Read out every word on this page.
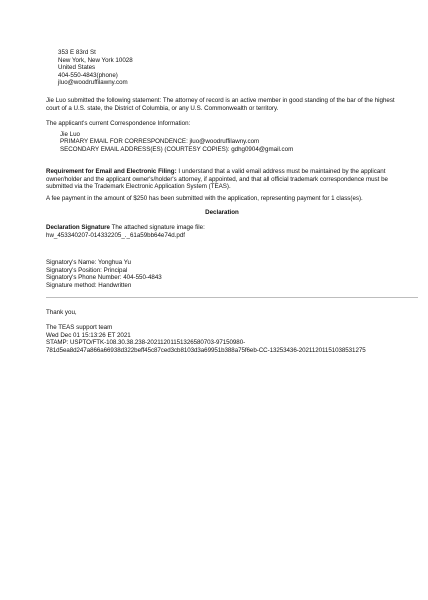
353 E 83rd St
New York, New York 10028
United States
404-550-4843(phone)
jluo@woodruffilawny.com
Jie Luo submitted the following statement: The attorney of record is an active member in good standing of the bar of the highest court of a U.S. state, the District of Columbia, or any U.S. Commonwealth or territory.
The applicant's current Correspondence Information:
Jie Luo
PRIMARY EMAIL FOR CORRESPONDENCE: jluo@woodruffilawny.com
SECONDARY EMAIL ADDRESS(ES) (COURTESY COPIES): gdhg0904@gmail.com
Requirement for Email and Electronic Filing: I understand that a valid email address must be maintained by the applicant owner/holder and the applicant owner's/holder's attorney, if appointed, and that all official trademark correspondence must be submitted via the Trademark Electronic Application System (TEAS).
A fee payment in the amount of $250 has been submitted with the application, representing payment for 1 class(es).
Declaration
Declaration Signature The attached signature image file:
hw_453340207-014332205_._61a59bb64e74d.pdf
Signatory's Name: Yonghua Yu
Signatory's Position: Principal
Signatory's Phone Number: 404-550-4843
Signature method: Handwritten
Thank you,
The TEAS support team
Wed Dec 01 15:13:26 ET 2021
STAMP: USPTO/FTK-108.30.38.238-20211201151326580703-97150980-
781d5ea8d247a866a66938d322beff45c87ced3cb8103d3a69951b388a75f6eb-CC-13253436-20211201151038531275
